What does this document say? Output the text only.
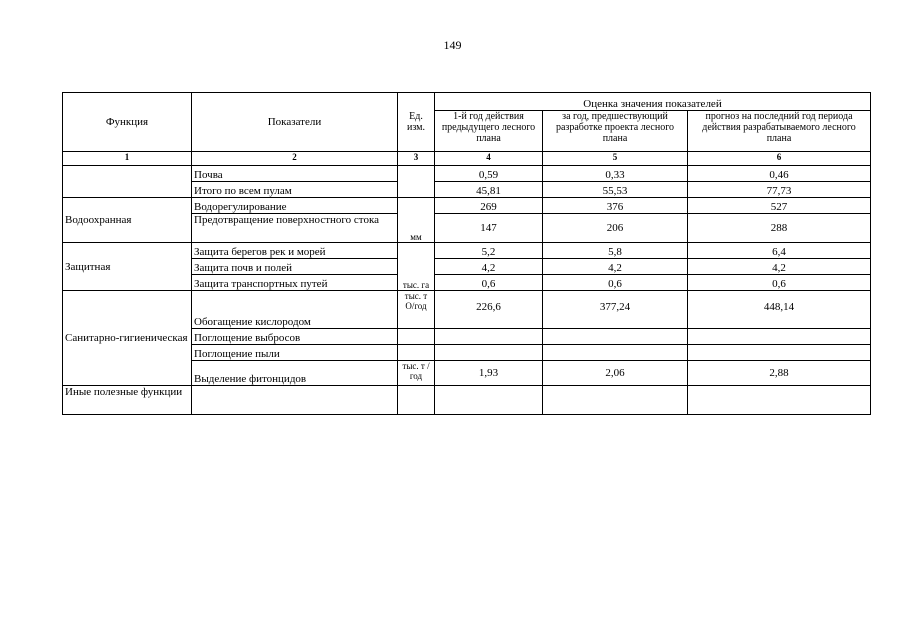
149
Функция	Показатели	Ед. изм.	Оценка значения показателей		
			1-й год действия предыдущего лесного плана	за год, предшествующий разработке проекта лесного плана	прогноз на последний год периода действия разрабатываемого лесного плана
1	2	3	4	5	6
	Почва		0,59	0,33	0,46
	Итого по всем пулам		45,81	55,53	77,73
Водоохранная	Водорегулирование	мм	269	376	527
	Предотвращение поверхностного стока		147	206	288
Защитная	Защита берегов рек и морей	тыс. га	5,2	5,8	6,4
	Защита почв и полей		4,2	4,2	4,2
	Защита транспортных путей		0,6	0,6	0,6
Санитарно-гигиеническая	Обогащение кислородом	тыс. т О/год	226,6	377,24	448,14
	Поглощение выбросов				
	Поглощение пыли				
	Выделение фитонцидов	тыс. т /год	1,93	2,06	2,88
Иные полезные функции					
